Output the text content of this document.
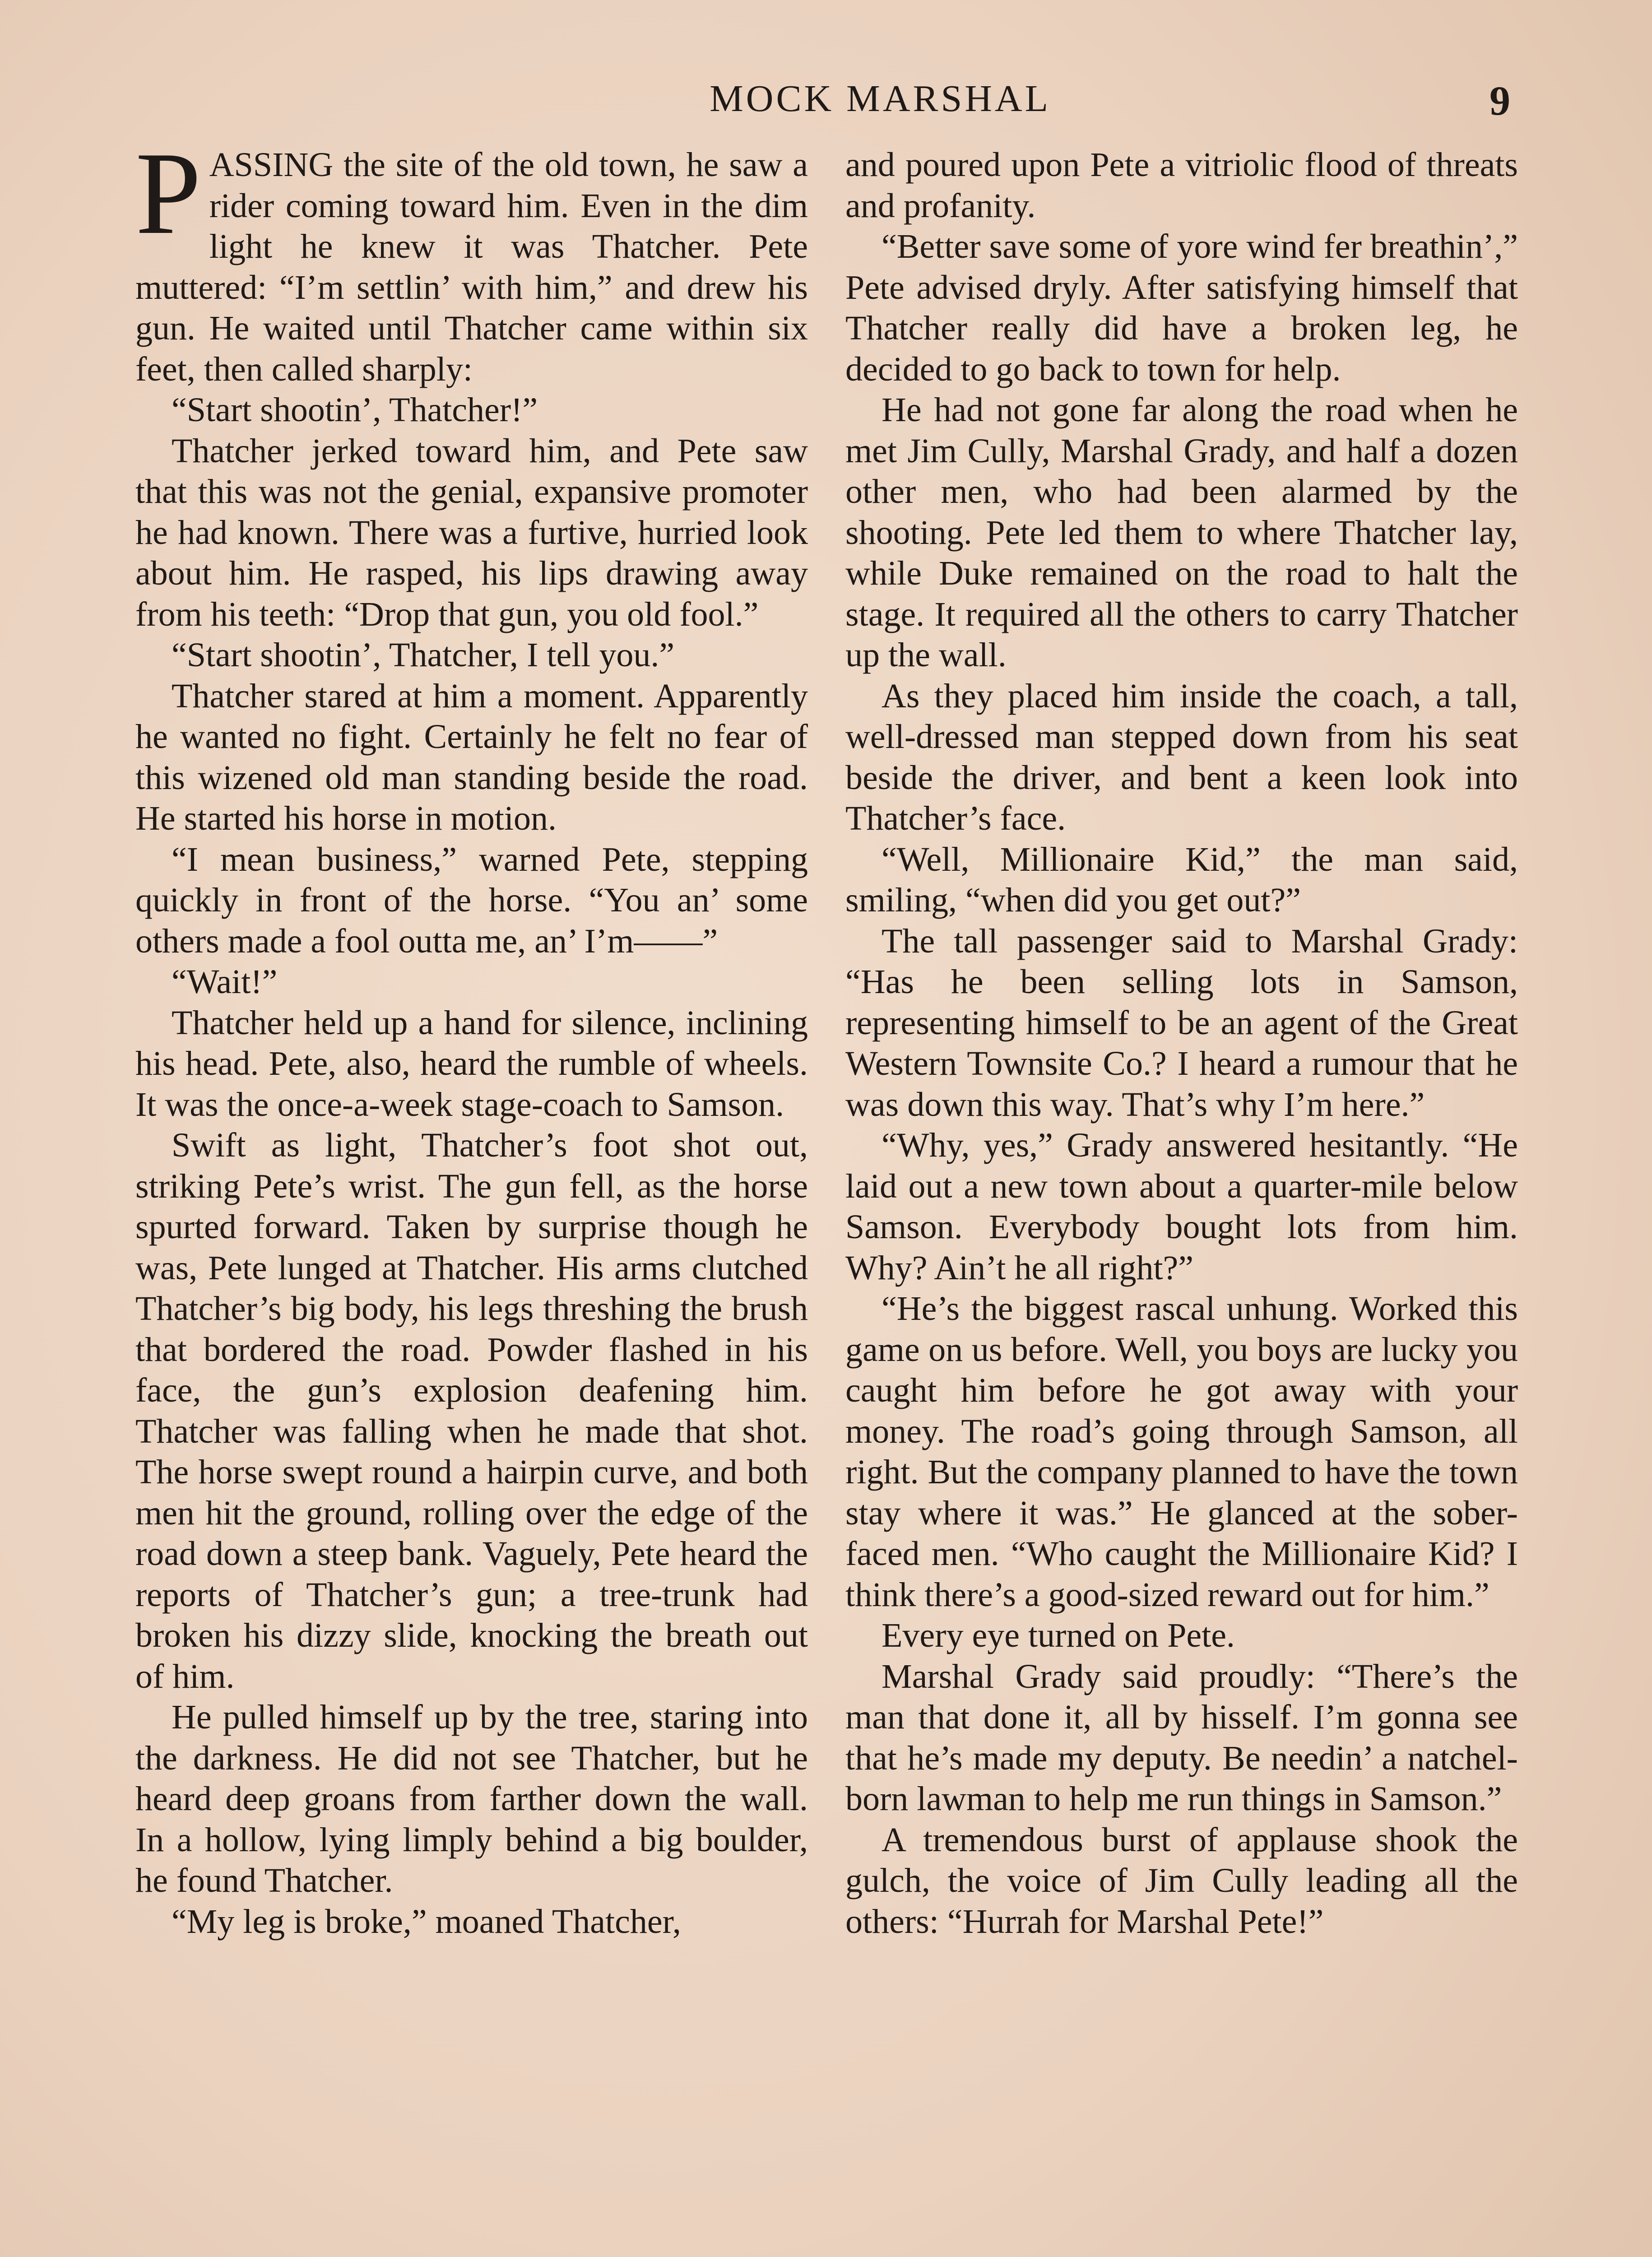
MOCK MARSHAL	9

PASSING the site of the old town, he saw a rider coming toward him. Even in the dim light he knew it was Thatcher. Pete muttered: “I’m settlin’ with him,” and drew his gun. He waited until Thatcher came within six feet, then called sharply:

“Start shootin’, Thatcher!”

Thatcher jerked toward him, and Pete saw that this was not the genial, expansive promoter he had known. There was a furtive, hurried look about him. He rasped, his lips drawing away from his teeth: “Drop that gun, you old fool.”

“Start shootin’, Thatcher, I tell you.”

Thatcher stared at him a moment. Apparently he wanted no fight. Certainly he felt no fear of this wizened old man standing beside the road. He started his horse in motion.

“I mean business,” warned Pete, stepping quickly in front of the horse. “You an’ some others made a fool outta me, an’ I’m——”

“Wait!”

Thatcher held up a hand for silence, inclining his head. Pete, also, heard the rumble of wheels. It was the once-a-week stage-coach to Samson.

Swift as light, Thatcher’s foot shot out, striking Pete’s wrist. The gun fell, as the horse spurted forward. Taken by surprise though he was, Pete lunged at Thatcher. His arms clutched Thatcher’s big body, his legs threshing the brush that bordered the road. Powder flashed in his face, the gun’s explosion deafening him. Thatcher was falling when he made that shot. The horse swept round a hairpin curve, and both men hit the ground, rolling over the edge of the road down a steep bank. Vaguely, Pete heard the reports of Thatcher’s gun; a tree-trunk had broken his dizzy slide, knocking the breath out of him.

He pulled himself up by the tree, staring into the darkness. He did not see Thatcher, but he heard deep groans from farther down the wall. In a hollow, lying limply behind a big boulder, he found Thatcher.

“My leg is broke,” moaned Thatcher,

and poured upon Pete a vitriolic flood of threats and profanity.

“Better save some of yore wind fer breathin’,” Pete advised dryly. After satisfying himself that Thatcher really did have a broken leg, he decided to go back to town for help.

He had not gone far along the road when he met Jim Cully, Marshal Grady, and half a dozen other men, who had been alarmed by the shooting. Pete led them to where Thatcher lay, while Duke remained on the road to halt the stage. It required all the others to carry Thatcher up the wall.

As they placed him inside the coach, a tall, well-dressed man stepped down from his seat beside the driver, and bent a keen look into Thatcher’s face.

“Well, Millionaire Kid,” the man said, smiling, “when did you get out?”

The tall passenger said to Marshal Grady: “Has he been selling lots in Samson, representing himself to be an agent of the Great Western Townsite Co.? I heard a rumour that he was down this way. That’s why I’m here.”

“Why, yes,” Grady answered hesitantly. “He laid out a new town about a quarter-mile below Samson. Everybody bought lots from him. Why? Ain’t he all right?”

“He’s the biggest rascal unhung. Worked this game on us before. Well, you boys are lucky you caught him before he got away with your money. The road’s going through Samson, all right. But the company planned to have the town stay where it was.” He glanced at the sober-faced men. “Who caught the Millionaire Kid? I think there’s a good-sized reward out for him.”

Every eye turned on Pete.

Marshal Grady said proudly: “There’s the man that done it, all by hisself. I’m gonna see that he’s made my deputy. Be needin’ a natchel-born lawman to help me run things in Samson.”

A tremendous burst of applause shook the gulch, the voice of Jim Cully leading all the others: “Hurrah for Marshal Pete!”
